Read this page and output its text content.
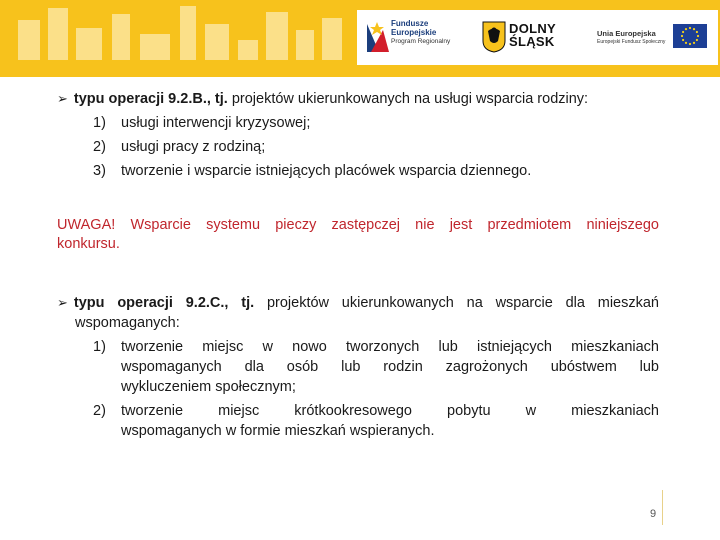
Fundusze
Europejskie
Program Regionalny
DOLNY
ŚLĄSK
Unia Europejska
Europejski Fundusz Społeczny
➢ typu operacji 9.2.B., tj. projektów ukierunkowanych na usługi wsparcia rodziny:
1) usługi interwencji kryzysowej;
2) usługi pracy z rodziną;
3) tworzenie i wsparcie istniejących placówek wsparcia dziennego.
UWAGA! Wsparcie systemu pieczy zastępczej nie jest przedmiotem niniejszego
konkursu.
➢ typu operacji 9.2.C., tj. projektów ukierunkowanych na wsparcie dla mieszkań
wspomaganych:
1) tworzenie miejsc w nowo tworzonych lub istniejących mieszkaniach
wspomaganych dla osób lub rodzin zagrożonych ubóstwem lub
wykluczeniem społecznym;
2) tworzenie miejsc krótkookresowego pobytu w mieszkaniach
wspomaganych w formie mieszkań wspieranych.
9
